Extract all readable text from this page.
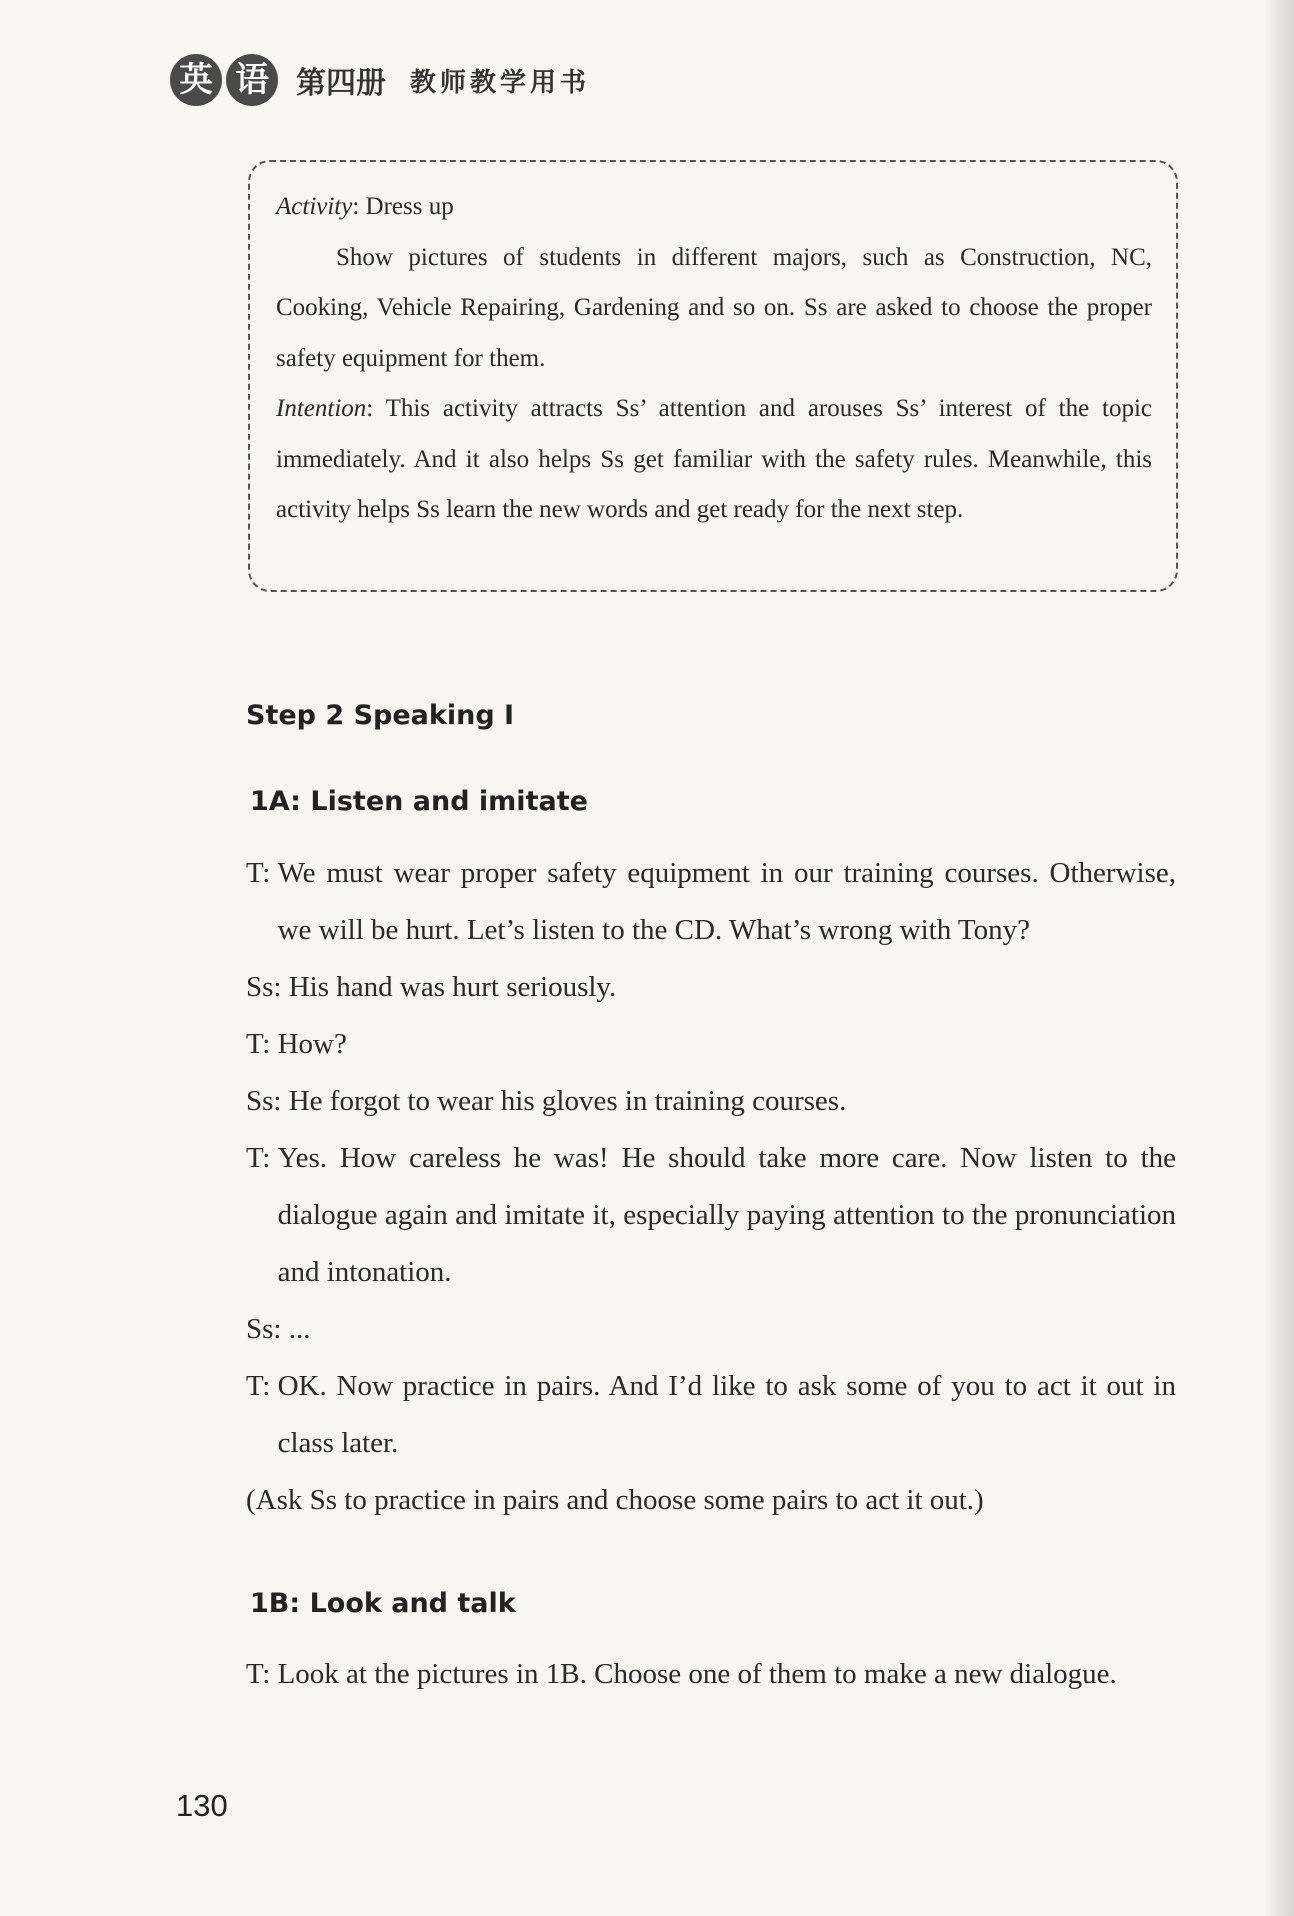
英 语 第四册 教师教学用书

Activity: Dress up

Show pictures of students in different majors, such as Construction, NC, Cooking, Vehicle Repairing, Gardening and so on. Ss are asked to choose the proper safety equipment for them.

Intention: This activity attracts Ss’ attention and arouses Ss’ interest of the topic immediately. And it also helps Ss get familiar with the safety rules. Meanwhile, this activity helps Ss learn the new words and get ready for the next step.

Step 2 Speaking I
1A: Listen and imitate
T: We must wear proper safety equipment in our training courses. Otherwise, we will be hurt. Let’s listen to the CD. What’s wrong with Tony?
Ss: His hand was hurt seriously.
T: How?
Ss: He forgot to wear his gloves in training courses.
T: Yes. How careless he was! He should take more care. Now listen to the dialogue again and imitate it, especially paying attention to the pronunciation and intonation.
Ss: ...
T: OK. Now practice in pairs. And I’d like to ask some of you to act it out in class later.

(Ask Ss to practice in pairs and choose some pairs to act it out.)

1B: Look and talk
T: Look at the pictures in 1B. Choose one of them to make a new dialogue.
130
